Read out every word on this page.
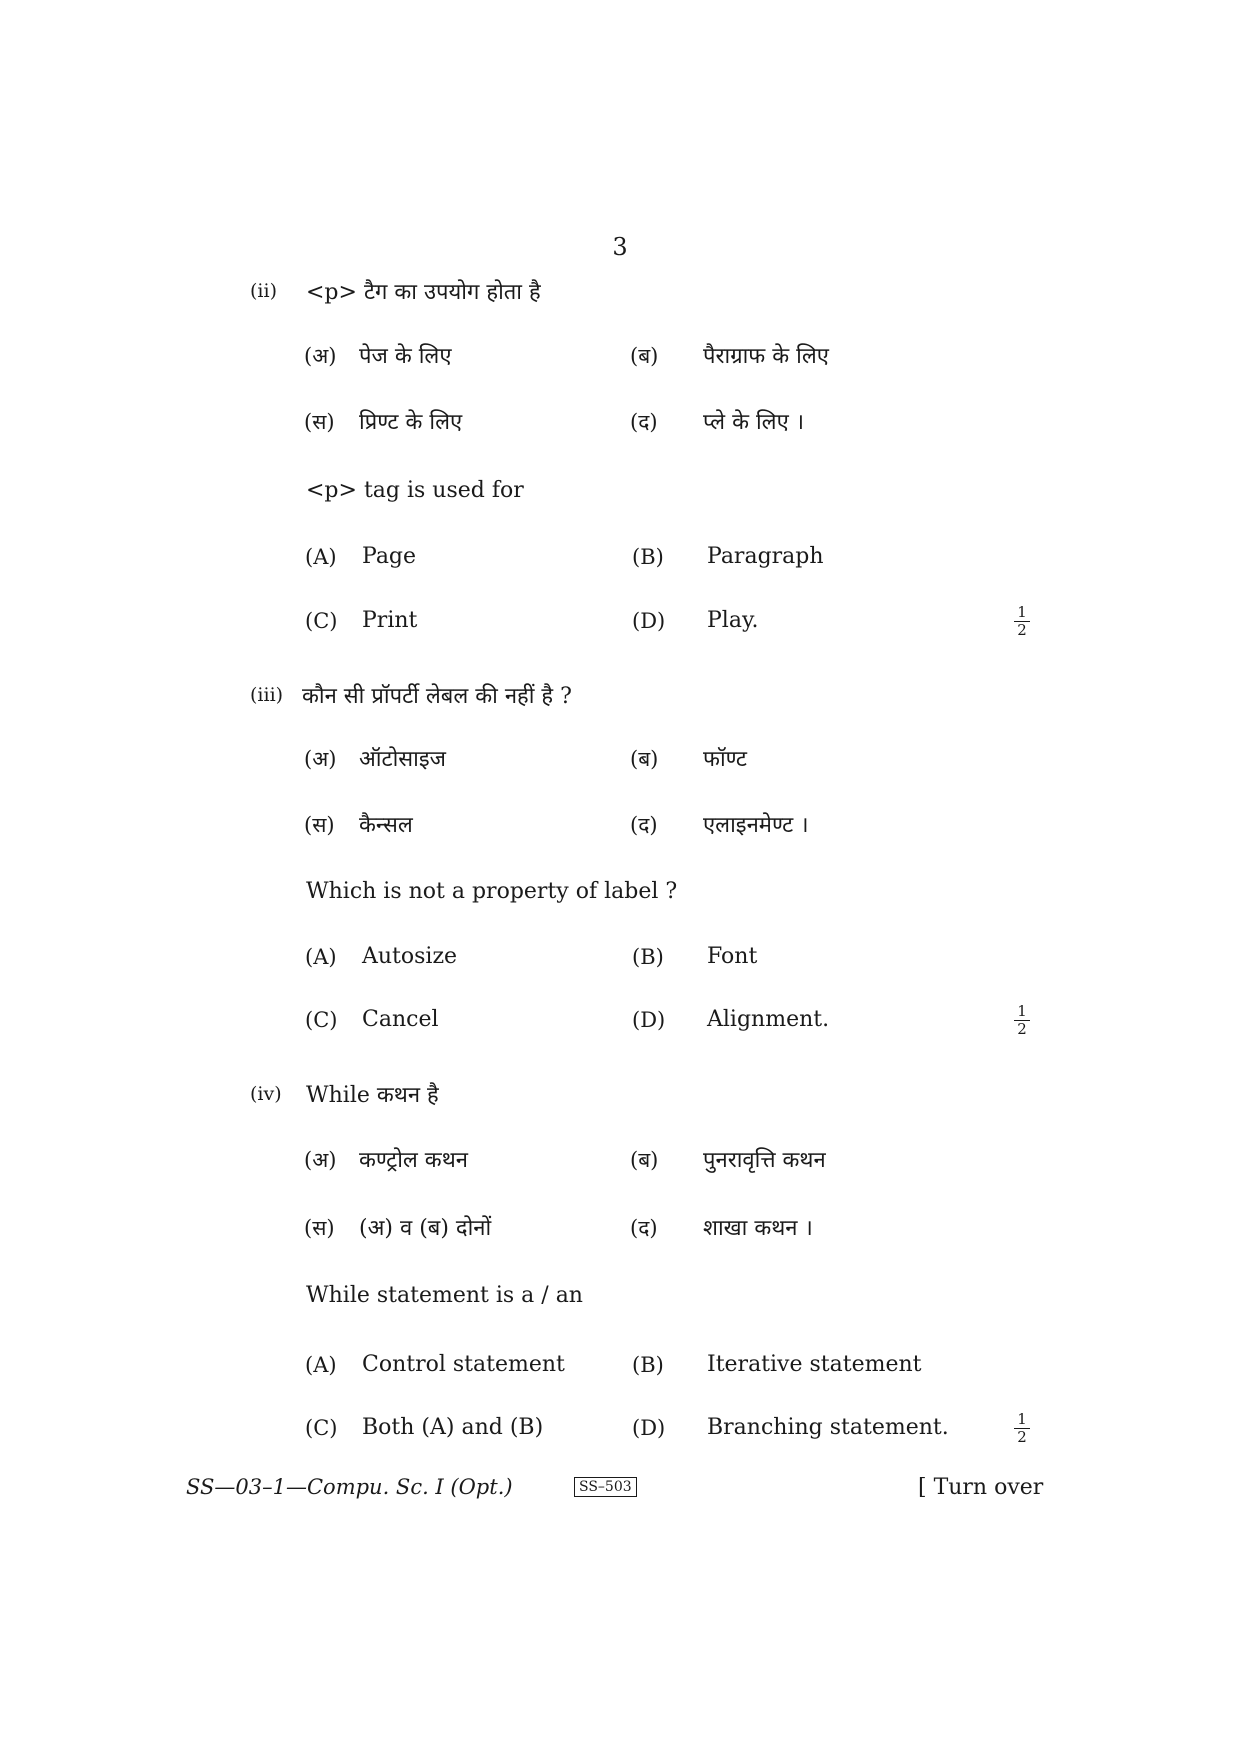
3
(ii) <p> टैग का उपयोग होता है
(अ) पेज के लिए	(ब) पैराग्राफ के लिए
(स) प्रिण्ट के लिए	(द) प्ले के लिए ।
<p> tag is used for
(A) Page	(B) Paragraph
(C) Print	(D) Play.	1
2
(iii) कौन सी प्रॉपर्टी लेबल की नहीं है ?
(अ) ऑटोसाइज	(ब) फॉण्ट
(स) कैन्सल	(द) एलाइनमेण्ट ।
Which is not a property of label ?
(A) Autosize	(B) Font
(C) Cancel	(D) Alignment.	1
2
(iv) While कथन है
(अ) कण्ट्रोल कथन	(ब) पुनरावृत्ति कथन
(स) (अ) व (ब) दोनों	(द) शाखा कथन ।
While statement is a / an
(A) Control statement	(B) Iterative statement
(C) Both (A) and (B)	(D) Branching statement.	1
2
SS—03–1—Compu. Sc. I (Opt.)	SS–503	[ Turn over
